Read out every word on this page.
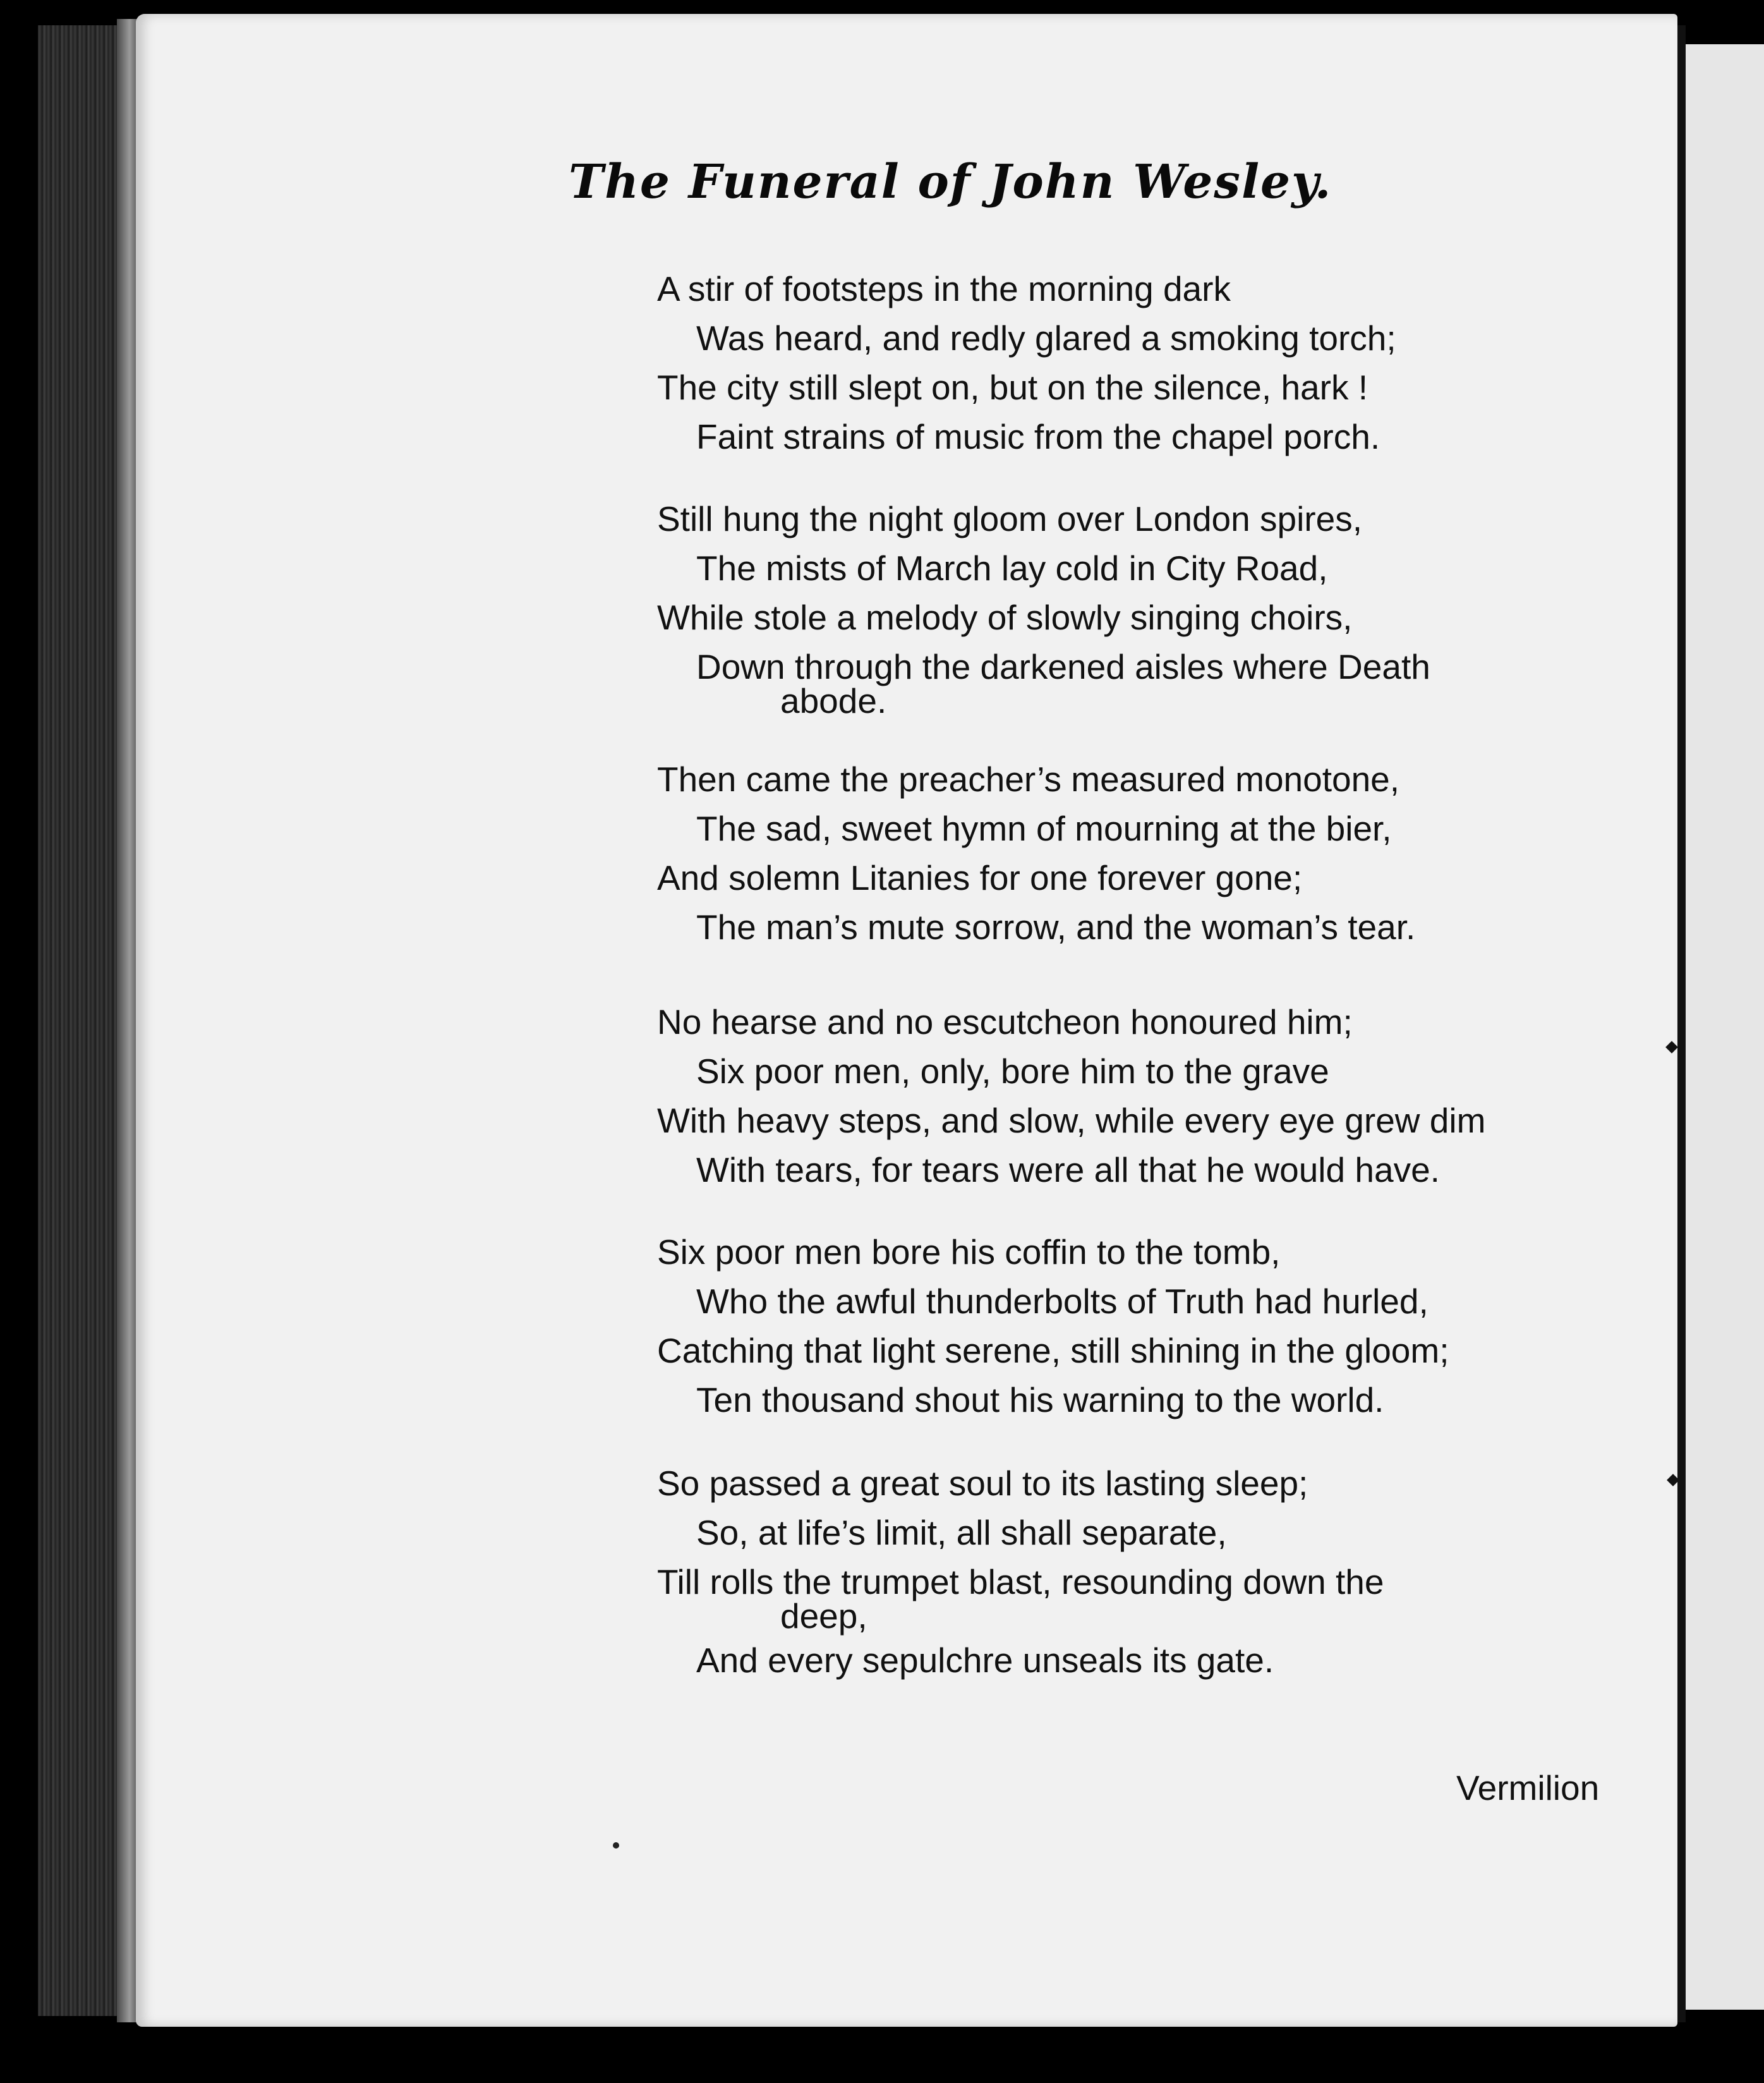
The Funeral of John Wesley.
A stir of footsteps in the morning dark
Was heard, and redly glared a smoking torch;
The city still slept on, but on the silence, hark !
Faint strains of music from the chapel porch.
Still hung the night gloom over London spires,
The mists of March lay cold in City Road,
While stole a melody of slowly singing choirs,
Down through the darkened aisles where Death
abode.
Then came the preacher’s measured monotone,
The sad, sweet hymn of mourning at the bier,
And solemn Litanies for one forever gone;
The man’s mute sorrow, and the woman’s tear.
No hearse and no escutcheon honoured him;
Six poor men, only, bore him to the grave
With heavy steps, and slow, while every eye grew dim
With tears, for tears were all that he would have.
Six poor men bore his coffin to the tomb,
Who the awful thunderbolts of Truth had hurled,
Catching that light serene, still shining in the gloom;
Ten thousand shout his warning to the world.
So passed a great soul to its lasting sleep;
So, at life’s limit, all shall separate,
Till rolls the trumpet blast, resounding down the
deep,
And every sepulchre unseals its gate.
Vermilion
